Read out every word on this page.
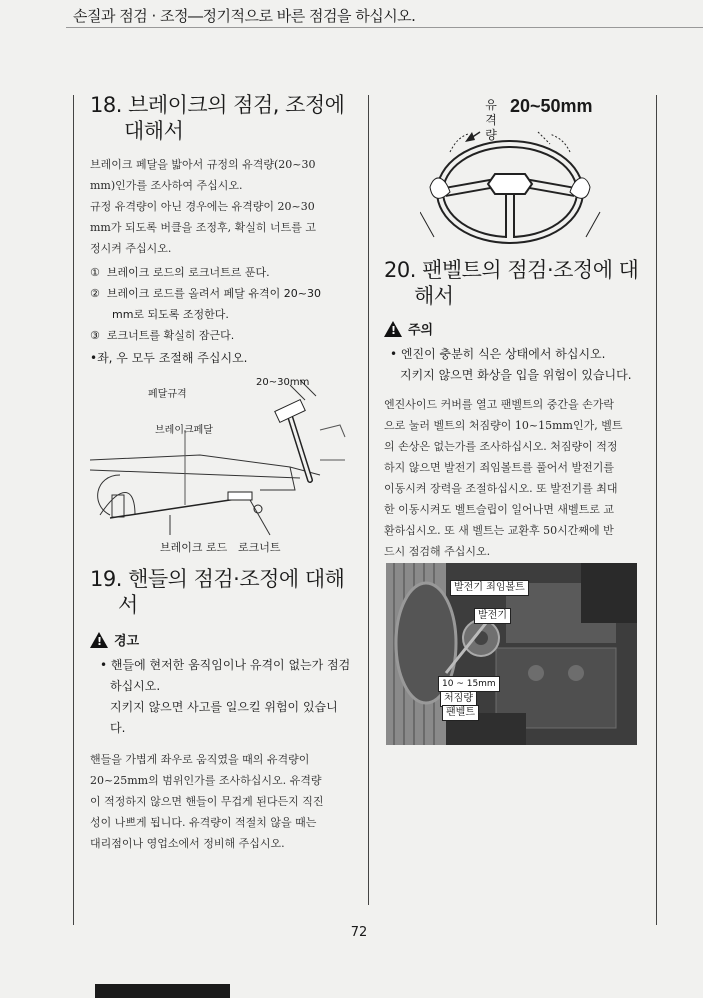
손질과 점검 · 조정―정기적으로 바른 점검을 하십시오.
18. 브레이크의 점검, 조정에
대해서
브레이크 페달을 밟아서 규정의 유격량(20~30
mm)인가를 조사하여 주십시오.
규정 유격량이 아닌 경우에는 유격량이 20~30
mm가 되도록 버클을 조정후, 확실히 너트를 고
정시켜 주십시오.
① 브레이크 로드의 로크너트르 푼다.
② 브레이크 로드를 올려서 페달 유격이 20~30
mm로 되도록 조정한다.
③ 로크너트를 확실히 잠근다.
•좌, 우 모두 조절해 주십시오.
페달규격
20~30mm
브레이크페달
브레이크 로드 로크너트
19. 핸들의 점검·조정에 대해
서
! 경고
• 핸들에 현저한 움직임이나 유격이 없는가 점검
하십시오.
지키지 않으면 사고를 일으킬 위험이 있습니
다.
핸들을 가볍게 좌우로 움직였을 때의 유격량이
20~25mm의 범위인가를 조사하십시오. 유격량
이 적정하지 않으면 핸들이 무겁게 된다든지 직진
성이 나쁘게 됩니다. 유격량이 적절치 않을 때는
대리점이나 영업소에서 정비해 주십시오.
유
격
량
20~50mm
20. 팬벨트의 점검·조정에 대
해서
! 주의
• 엔진이 충분히 식은 상태에서 하십시오.
지키지 않으면 화상을 입을 위험이 있습니다.
엔진사이드 커버를 열고 팬벨트의 중간을 손가락
으로 눌러 벨트의 처짐량이 10~15mm인가, 벨트
의 손상은 없는가를 조사하십시오. 처짐량이 적정
하지 않으면 발전기 죄임볼트를 풀어서 발전기를
이동시켜 장력을 조절하십시오. 또 발전기를 최대
한 이동시켜도 벨트슬립이 일어나면 새벨트로 교
환하십시오. 또 새 벨트는 교환후 50시간째에 반
드시 점검해 주십시오.
발전기 죄임볼트
발전기
10 ~ 15mm
처짐량
팬벨트
72
